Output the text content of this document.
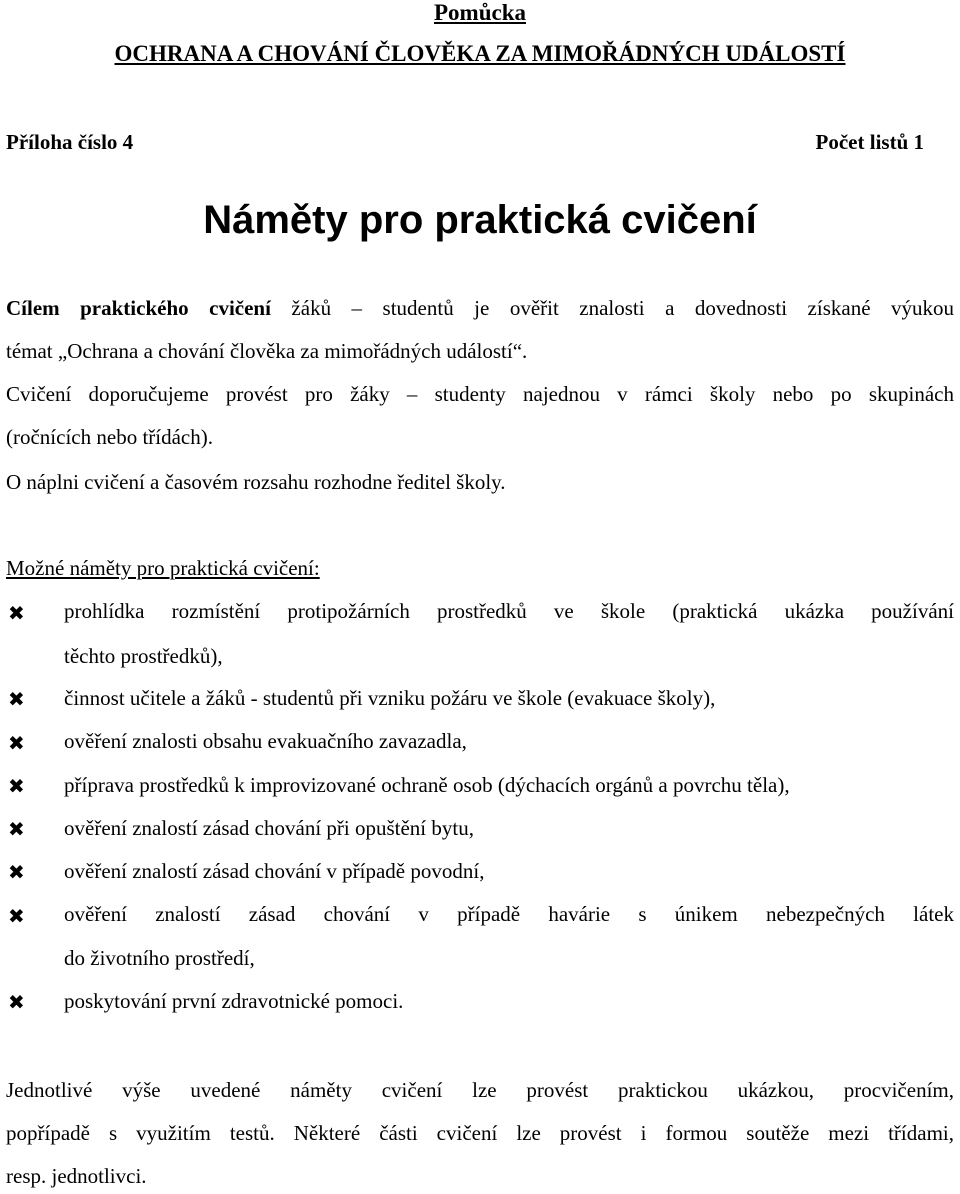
Pomůcka
OCHRANA A CHOVÁNÍ ČLOVĚKA ZA MIMOŘÁDNÝCH UDÁLOSTÍ
Příloha číslo 4	Počet listů 1
Náměty pro praktická cvičení
Cílem praktického cvičení žáků – studentů je ověřit znalosti a dovednosti získané výukou
témat „Ochrana a chování člověka za mimořádných událostí“.
Cvičení doporučujeme provést pro žáky – studenty najednou v rámci školy nebo po skupinách
(ročnících nebo třídách).
O náplni cvičení a časovém rozsahu rozhodne ředitel školy.
Možné náměty pro praktická cvičení:
✖ prohlídka rozmístění protipožárních prostředků ve škole (praktická ukázka používání
těchto prostředků),
✖ činnost učitele a žáků - studentů při vzniku požáru ve škole (evakuace školy),
✖ ověření znalosti obsahu evakuačního zavazadla,
✖ příprava prostředků k improvizované ochraně osob (dýchacích orgánů a povrchu těla),
✖ ověření znalostí zásad chování při opuštění bytu,
✖ ověření znalostí zásad chování v případě povodní,
✖ ověření znalostí zásad chování v případě havárie s únikem nebezpečných látek
do životního prostředí,
✖ poskytování první zdravotnické pomoci.
Jednotlivé výše uvedené náměty cvičení lze provést praktickou ukázkou, procvičením,
popřípadě s využitím testů. Některé části cvičení lze provést i formou soutěže mezi třídami,
resp. jednotlivci.
